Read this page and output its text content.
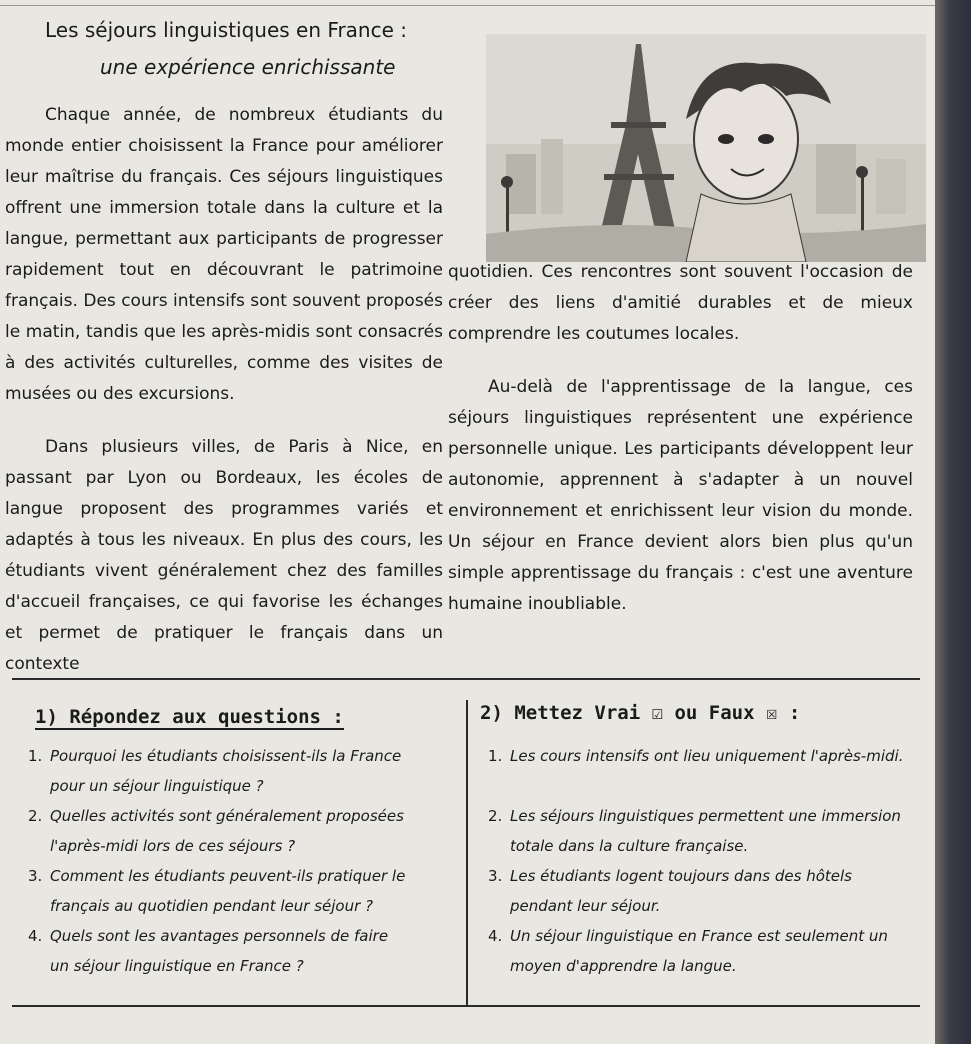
Les séjours linguistiques en France :
une expérience enrichissante

Chaque année, de nombreux étudiants du monde entier choisissent la France pour améliorer leur maîtrise du français. Ces séjours linguistiques offrent une immersion totale dans la culture et la langue, permettant aux participants de progresser rapidement tout en découvrant le patrimoine français. Des cours intensifs sont souvent proposés le matin, tandis que les après-midis sont consacrés à des activités culturelles, comme des visites de musées ou des excursions.

Dans plusieurs villes, de Paris à Nice, en passant par Lyon ou Bordeaux, les écoles de langue proposent des programmes variés et adaptés à tous les niveaux. En plus des cours, les étudiants vivent généralement chez des familles d'accueil françaises, ce qui favorise les échanges et permet de pratiquer le français dans un contexte

quotidien. Ces rencontres sont souvent l'occasion de créer des liens d'amitié durables et de mieux comprendre les coutumes locales.

Au-delà de l'apprentissage de la langue, ces séjours linguistiques représentent une expérience personnelle unique. Les participants développent leur autonomie, apprennent à s'adapter à un nouvel environnement et enrichissent leur vision du monde. Un séjour en France devient alors bien plus qu'un simple apprentissage du français : c'est une aventure humaine inoubliable.

1) Répondez aux questions :	2) Mettez Vrai ☑ ou Faux ☒ :
1. Pourquoi les étudiants choisissent-ils la France
pour un séjour linguistique ?
2. Quelles activités sont généralement proposées
l'après-midi lors de ces séjours ?
3. Comment les étudiants peuvent-ils pratiquer le
français au quotidien pendant leur séjour ?
4. Quels sont les avantages personnels de faire
un séjour linguistique en France ?
1. Les cours intensifs ont lieu uniquement l'après-midi.

2. Les séjours linguistiques permettent une immersion
totale dans la culture française.
3. Les étudiants logent toujours dans des hôtels
pendant leur séjour.
4. Un séjour linguistique en France est seulement un
moyen d'apprendre la langue.
